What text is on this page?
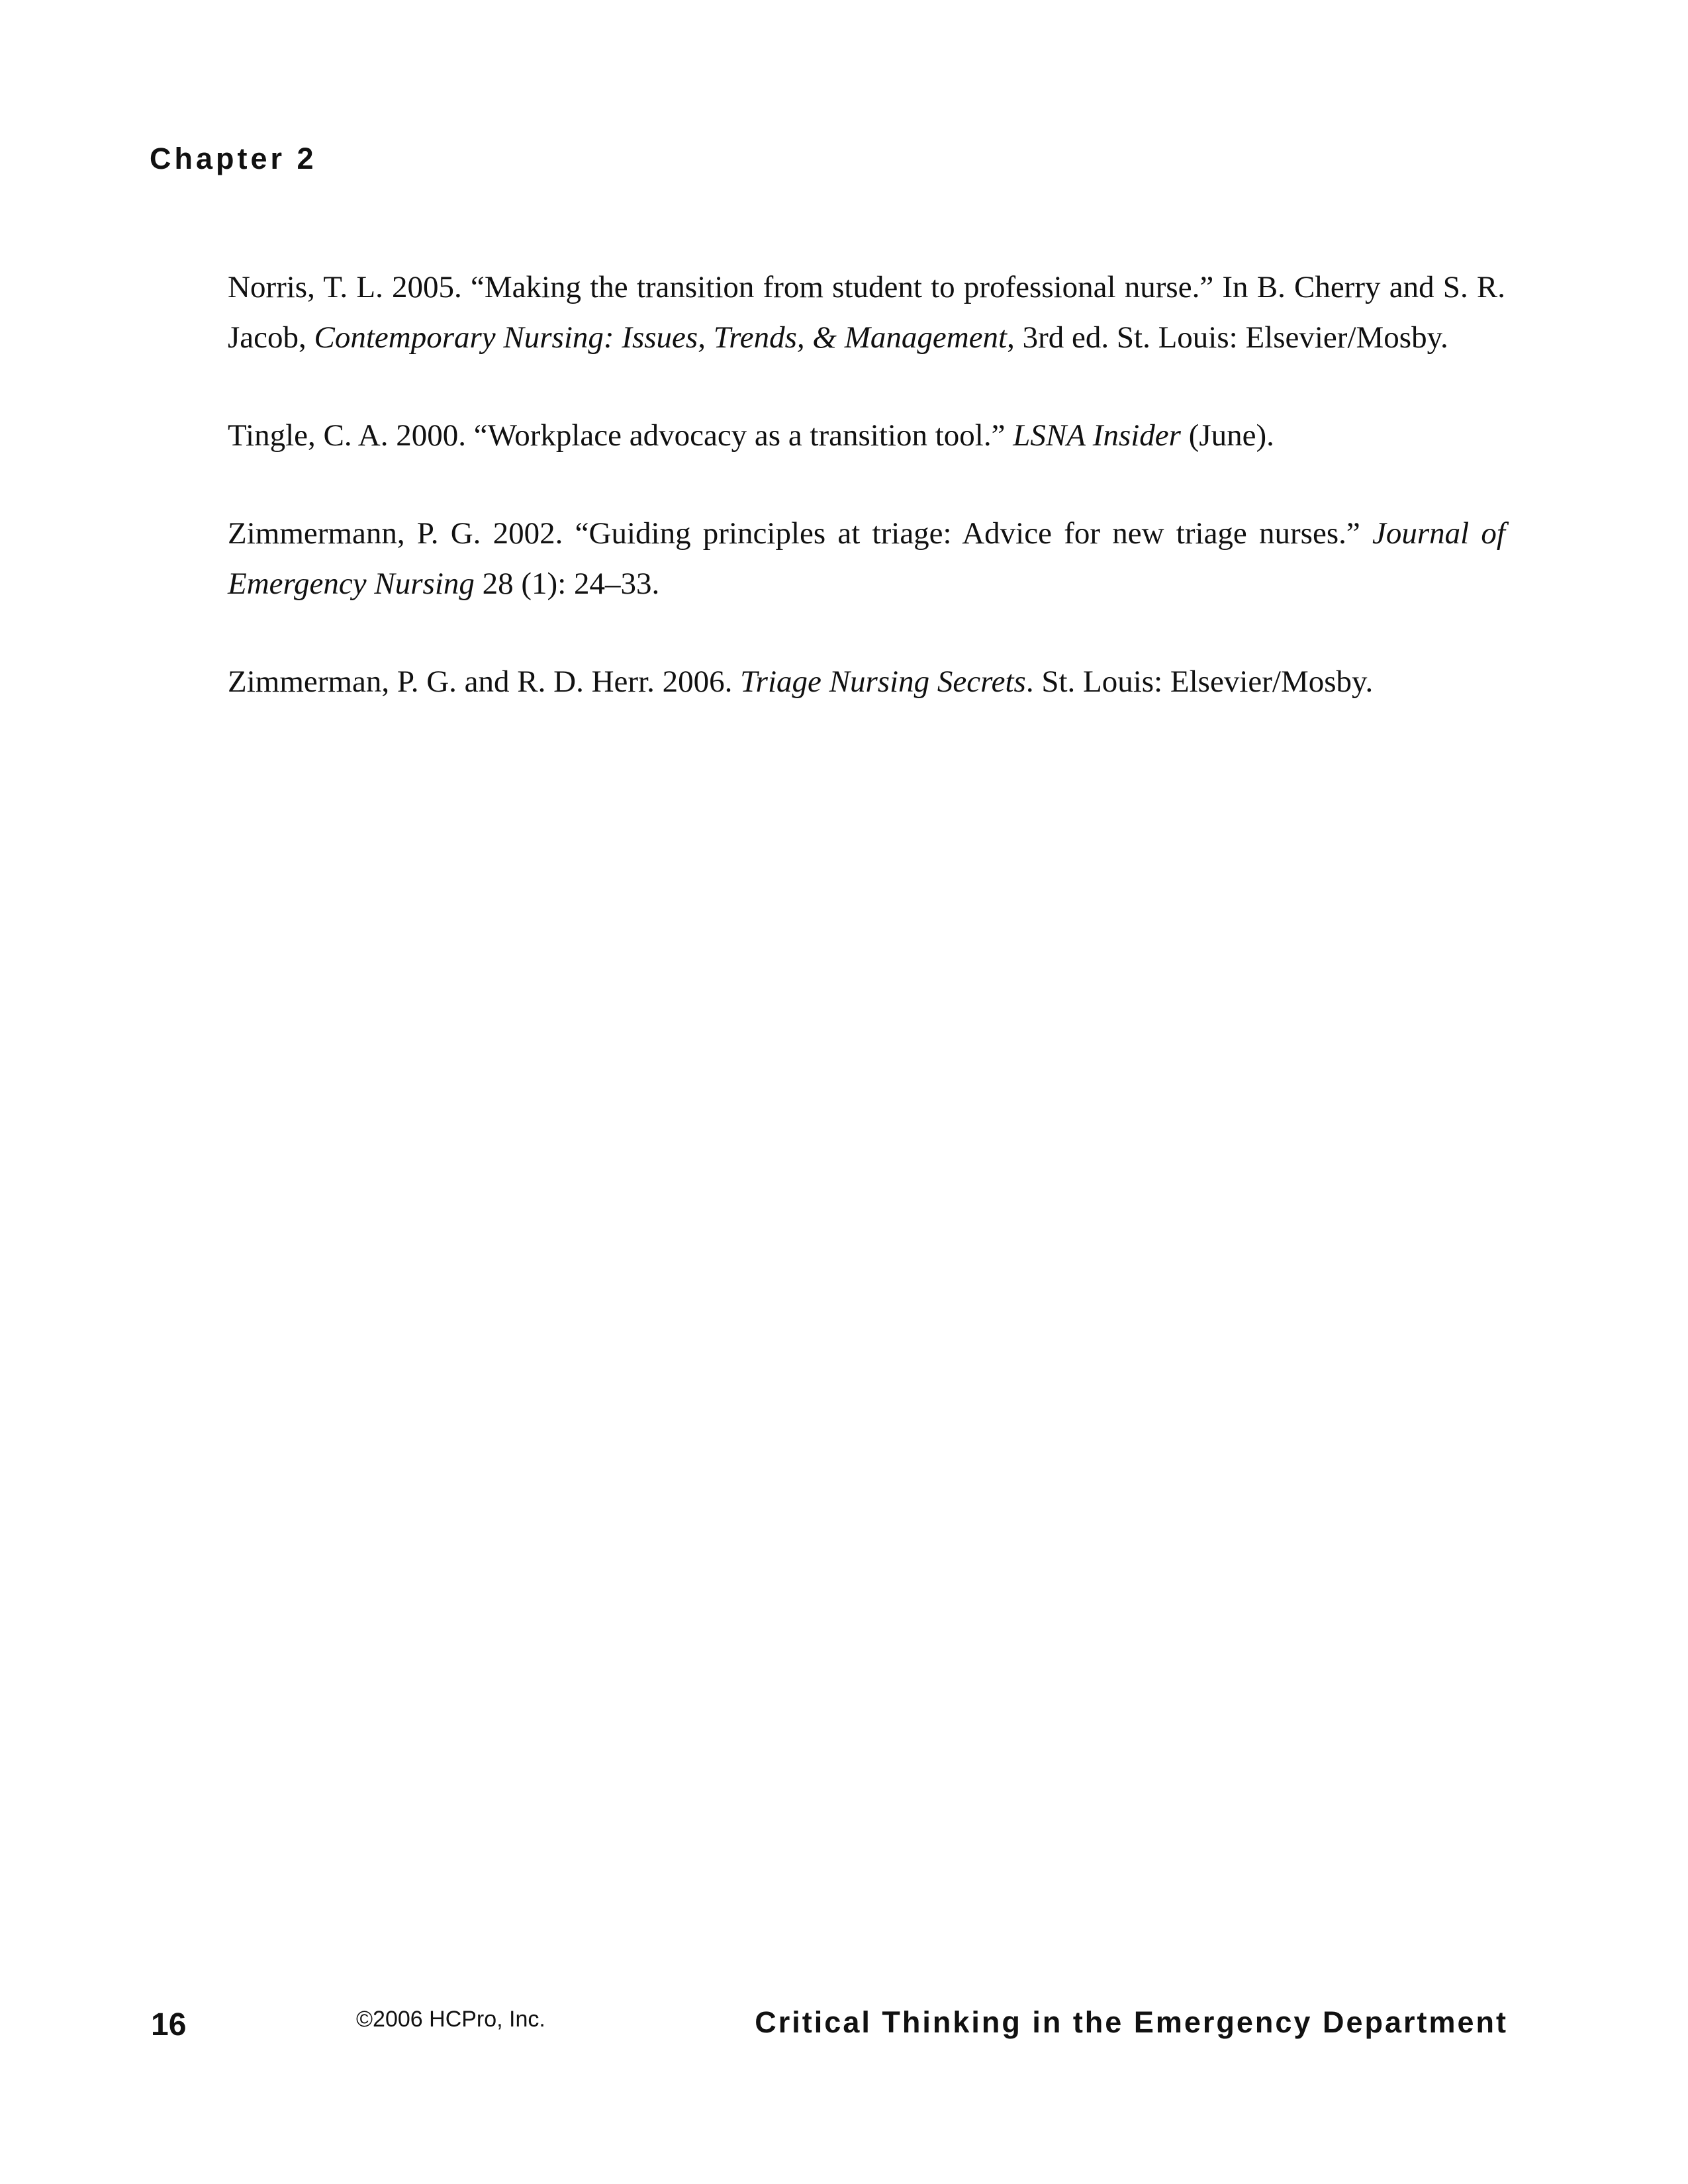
Chapter 2
Norris, T. L. 2005. “Making the transition from student to professional nurse.” In B. Cherry and S. R. Jacob, Contemporary Nursing: Issues, Trends, & Management, 3rd ed. St. Louis: Elsevier/Mosby.
Tingle, C. A. 2000. “Workplace advocacy as a transition tool.” LSNA Insider (June).
Zimmermann, P. G. 2002. “Guiding principles at triage: Advice for new triage nurses.” Journal of Emergency Nursing 28 (1): 24–33.
Zimmerman, P. G. and R. D. Herr. 2006. Triage Nursing Secrets. St. Louis: Elsevier/Mosby.
16	©2006 HCPro, Inc.	Critical Thinking in the Emergency Department
